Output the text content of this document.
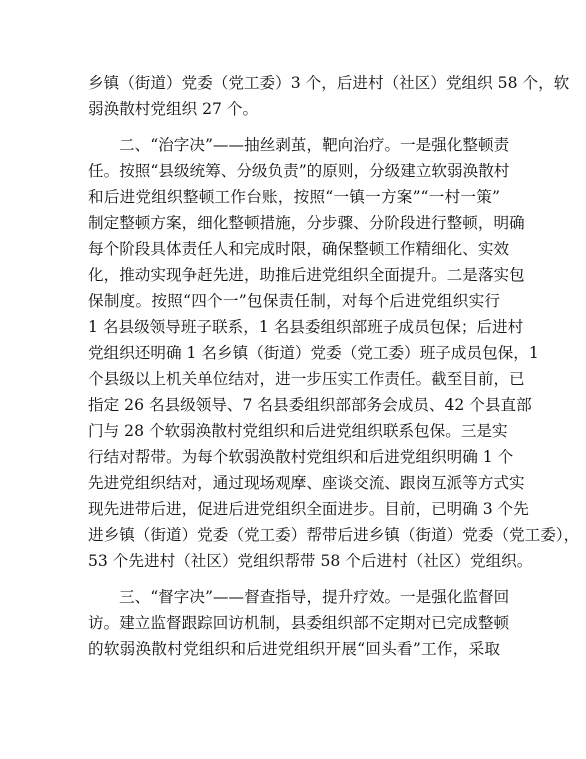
乡镇（街道）党委（党工委）3 个，后进村（社区）党组织 58 个，软
弱涣散村党组织 27 个。
二、“治字决”——抽丝剥茧，靶向治疗。一是强化整顿责
任。按照“县级统筹、分级负责”的原则，分级建立软弱涣散村
和后进党组织整顿工作台账，按照“一镇一方案”“一村一策”
制定整顿方案，细化整顿措施，分步骤、分阶段进行整顿，明确
每个阶段具体责任人和完成时限，确保整顿工作精细化、实效
化，推动实现争赶先进，助推后进党组织全面提升。二是落实包
保制度。按照“四个一”包保责任制，对每个后进党组织实行
1 名县级领导班子联系，1 名县委组织部班子成员包保；后进村
党组织还明确 1 名乡镇（街道）党委（党工委）班子成员包保，1
个县级以上机关单位结对，进一步压实工作责任。截至目前，已
指定 26 名县级领导、7 名县委组织部部务会成员、42 个县直部
门与 28 个软弱涣散村党组织和后进党组织联系包保。三是实
行结对帮带。为每个软弱涣散村党组织和后进党组织明确 1 个
先进党组织结对，通过现场观摩、座谈交流、跟岗互派等方式实
现先进带后进，促进后进党组织全面进步。目前，已明确 3 个先
进乡镇（街道）党委（党工委）帮带后进乡镇（街道）党委（党工委），
53 个先进村（社区）党组织帮带 58 个后进村（社区）党组织。
三、“督字决”——督查指导，提升疗效。一是强化监督回
访。建立监督跟踪回访机制，县委组织部不定期对已完成整顿
的软弱涣散村党组织和后进党组织开展“回头看”工作，采取
